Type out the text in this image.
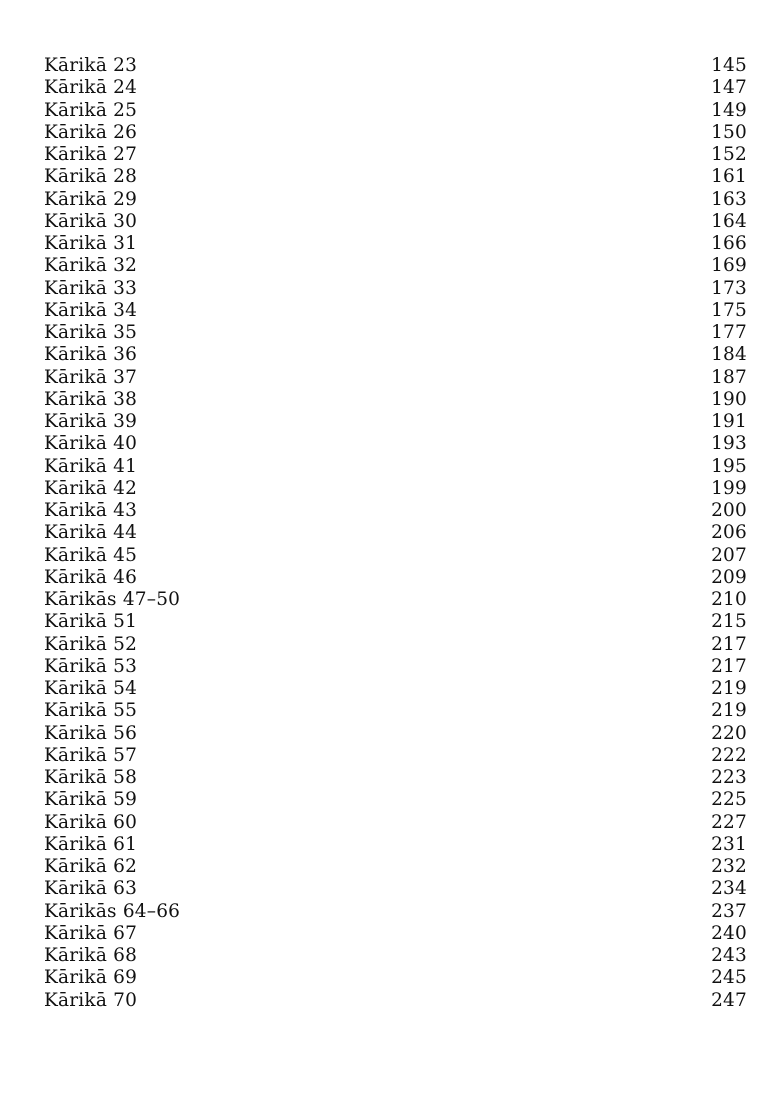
Kārikā 23	145
Kārikā 24	147
Kārikā 25	149
Kārikā 26	150
Kārikā 27	152
Kārikā 28	161
Kārikā 29	163
Kārikā 30	164
Kārikā 31	166
Kārikā 32	169
Kārikā 33	173
Kārikā 34	175
Kārikā 35	177
Kārikā 36	184
Kārikā 37	187
Kārikā 38	190
Kārikā 39	191
Kārikā 40	193
Kārikā 41	195
Kārikā 42	199
Kārikā 43	200
Kārikā 44	206
Kārikā 45	207
Kārikā 46	209
Kārikās 47–50	210
Kārikā 51	215
Kārikā 52	217
Kārikā 53	217
Kārikā 54	219
Kārikā 55	219
Kārikā 56	220
Kārikā 57	222
Kārikā 58	223
Kārikā 59	225
Kārikā 60	227
Kārikā 61	231
Kārikā 62	232
Kārikā 63	234
Kārikās 64–66	237
Kārikā 67	240
Kārikā 68	243
Kārikā 69	245
Kārikā 70	247
